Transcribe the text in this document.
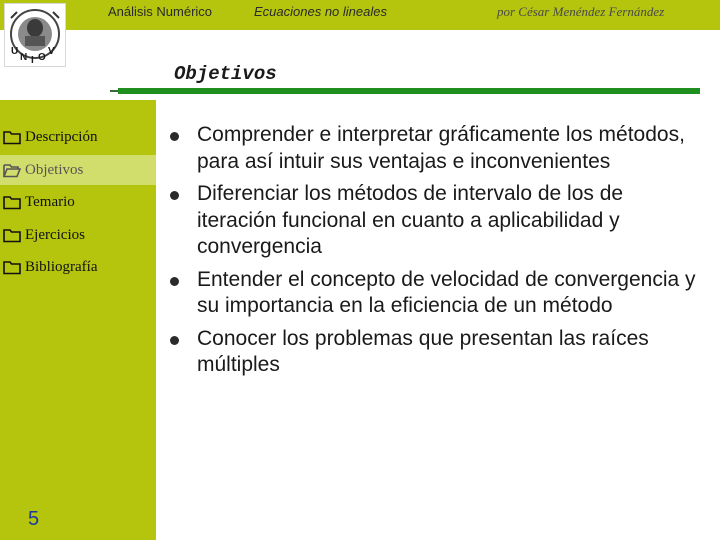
Análisis Numérico	Ecuaciones no lineales	por César Menéndez Fernández
U
N I O
V
Objetivos
Descripción
Objetivos
Temario
Ejercicios
Bibliografía
5
Comprender e interpretar gráficamente los métodos, para así intuir sus ventajas e inconvenientes
Diferenciar los métodos de intervalo de los de iteración funcional en cuanto a aplicabilidad y convergencia
Entender el concepto de velocidad de convergencia y su importancia en la eficiencia de un método
Conocer los problemas que presentan las raíces múltiples
